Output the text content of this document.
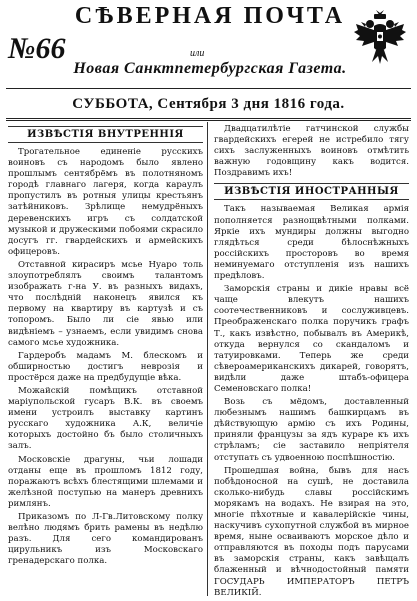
СѢВЕРНАЯ ПОЧТА
№66	или
Новая Санктпетербургская Газета.
СУББОТА, Сентября 3 дня 1816 года.
ИЗВѢСТІЯ ВНУТРЕННІЯ

Трогательное единеніе русскихъ воиновъ съ народомъ было явлено прошлымъ сентябрёмъ въ полотняномъ городѣ главнаго лагеря, когда караулъ пропустилъ въ ротныя улицы крестьянъ затѣйниковъ. Зрѣлище немудрёныхъ деревенскихъ игръ съ солдатской музыкой и дружескими побоями скрасило досугъ гг. гвардейскихъ и армейскихъ офицеровъ.

Отставной кирасиръ мсье Нуаро толь злоупотреблялъ своимъ талантомъ изображать г-на У. въ разныхъ видахъ, что послѣдній наконецъ явился къ первому на квартиру въ картузѣ и съ топоромъ. Было ли сіе явью или видѣніемъ – узнаемъ, если увидимъ снова самого мсье художника.

Гардеробъ мадамъ М. блескомъ и обширностью достигъ неврозія и простёрся даже на предбудущіе вѣка.

Можайскій помѣщикъ отставной маріупольской гусаръ В.К. въ своемъ имени устроилъ выставку картинъ русскаго художника А.К, величіе которыхъ достойно бъ было столичныхъ залъ.

Московскіе драгуны, чьи лошади отданы еще въ прошломъ 1812 году, поражаютъ всѣхъ блестящими шлемами и желѣзной поступью на манеръ древнихъ римлянъ.

Приказомъ по Л-Гв.Литовскому полку велѣно людямъ брить рамены въ недѣлю разъ. Для сего командированъ цирульникъ изъ Московскаго гренадерскаго полка.

Двадцатилѣтіе гатчинской службы гвардейскихъ егерей не истребило тягу сихъ заслуженныхъ воиновъ отмѣтить важную годовщину какъ водится. Поздравимъ ихъ!

ИЗВѢСТІЯ ИНОСТРАННЫЯ

Такъ называемая Великая армія пополняется разнощвѣтными полками. Яркіе ихъ мундиры должны выгодно глядѣться среди бѣлоснѣжныхъ россійскихъ просторовъ во время неминуемаго отступленія изъ нашихъ предѣловъ.

Заморскія страны и дикіе нравы всё чаще влекутъ нашихъ соотечественниковъ и сослуживцевъ. Преображенскаго полка поручикъ графъ Т., какъ извѣстно, побывалъ въ Америкѣ, откуда вернулся со скандаломъ и татуировками. Теперь же среди сѣвероамериканскихъ дикарей, говорятъ, видѣли даже штабъ-офицера Семеновскаго полка!

Возь съ мёдомъ, доставленный любезнымъ нашимъ башкирцамъ въ дѣйствующую армію съ ихъ Родины, приняли французы за ядъ кураре къ ихъ стрѣламъ; сіе заставило непріятеля отступать съ удвоенною поспѣшностію.

Прошедшая война, бывъ для насъ побѣдоносной на сушѣ, не доставила сколько-нибудь славы россійскимъ морякамъ на водахъ. Не взирая на это, многіе пѣхотные и кавалерійскіе чины, наскучивъ сухопутной службой въ мирное время, ныне осваиваютъ морское дѣло и отправляются въ походы подъ парусами въ заморскія страны, какъ завѣщалъ блаженный и вѣчнодостойный памяти ГОСУДАРЬ ИМПЕРАТОРЪ ПЕТРЪ ВЕЛИКІЙ.
